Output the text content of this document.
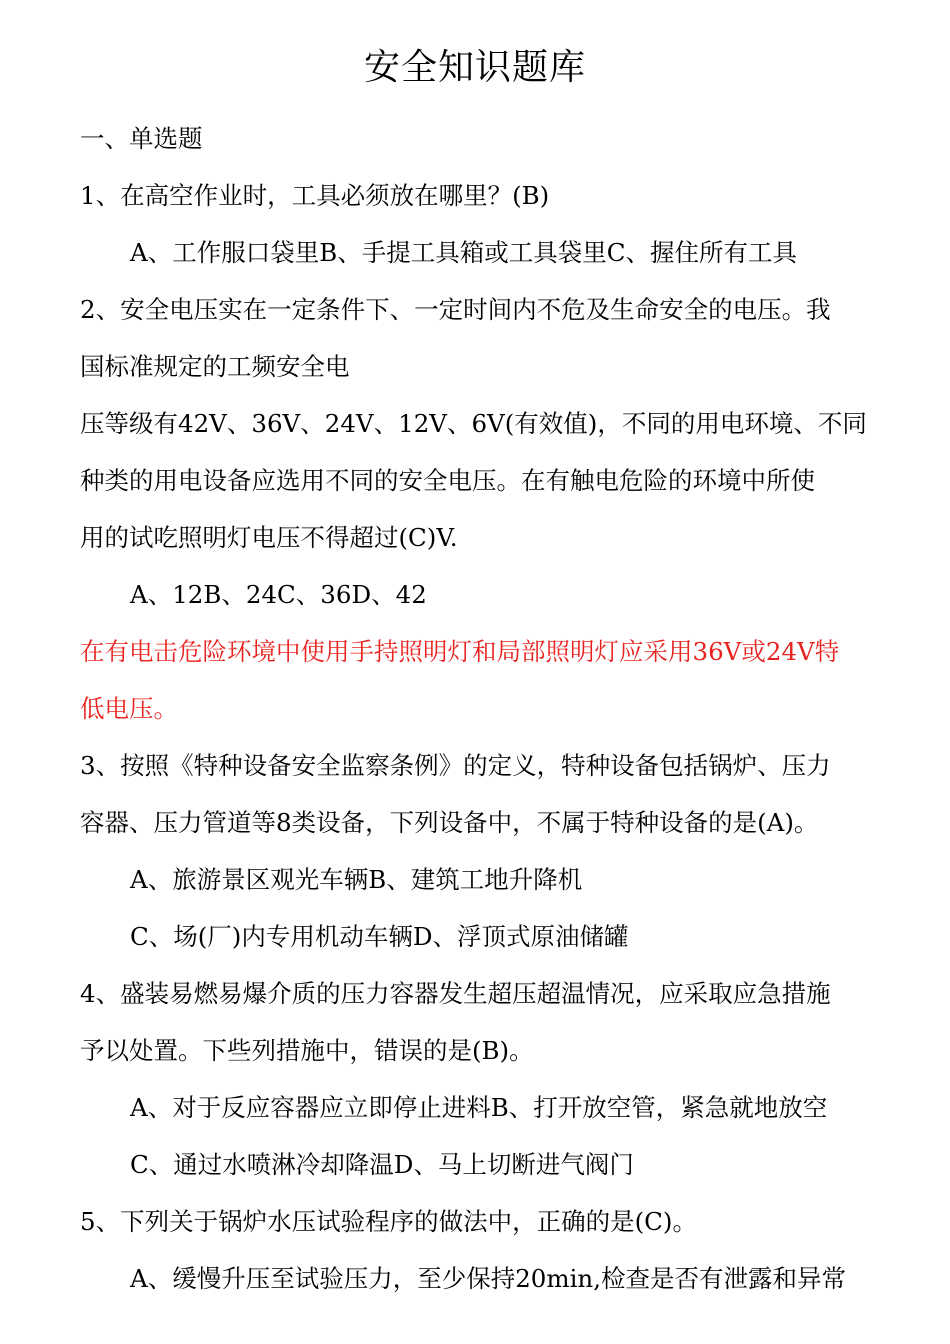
安全知识题库
一、单选题
1、在高空作业时，工具必须放在哪里？(B)
A、工作服口袋里B、手提工具箱或工具袋里C、握住所有工具
2、安全电压实在一定条件下、一定时间内不危及生命安全的电压。我
国标准规定的工频安全电
压等级有42V、36V、24V、12V、6V(有效值)，不同的用电环境、不同
种类的用电设备应选用不同的安全电压。在有触电危险的环境中所使
用的试吃照明灯电压不得超过(C)V.
A、12B、24C、36D、42
在有电击危险环境中使用手持照明灯和局部照明灯应采用36V或24V特
低电压。
3、按照《特种设备安全监察条例》的定义，特种设备包括锅炉、压力
容器、压力管道等8类设备，下列设备中，不属于特种设备的是(A)。
A、旅游景区观光车辆B、建筑工地升降机
C、场(厂)内专用机动车辆D、浮顶式原油储罐
4、盛装易燃易爆介质的压力容器发生超压超温情况，应采取应急措施
予以处置。下些列措施中，错误的是(B)。
A、对于反应容器应立即停止进料B、打开放空管，紧急就地放空
C、通过水喷淋冷却降温D、马上切断进气阀门
5、下列关于锅炉水压试验程序的做法中，正确的是(C)。
A、缓慢升压至试验压力，至少保持20min,检查是否有泄露和异常
